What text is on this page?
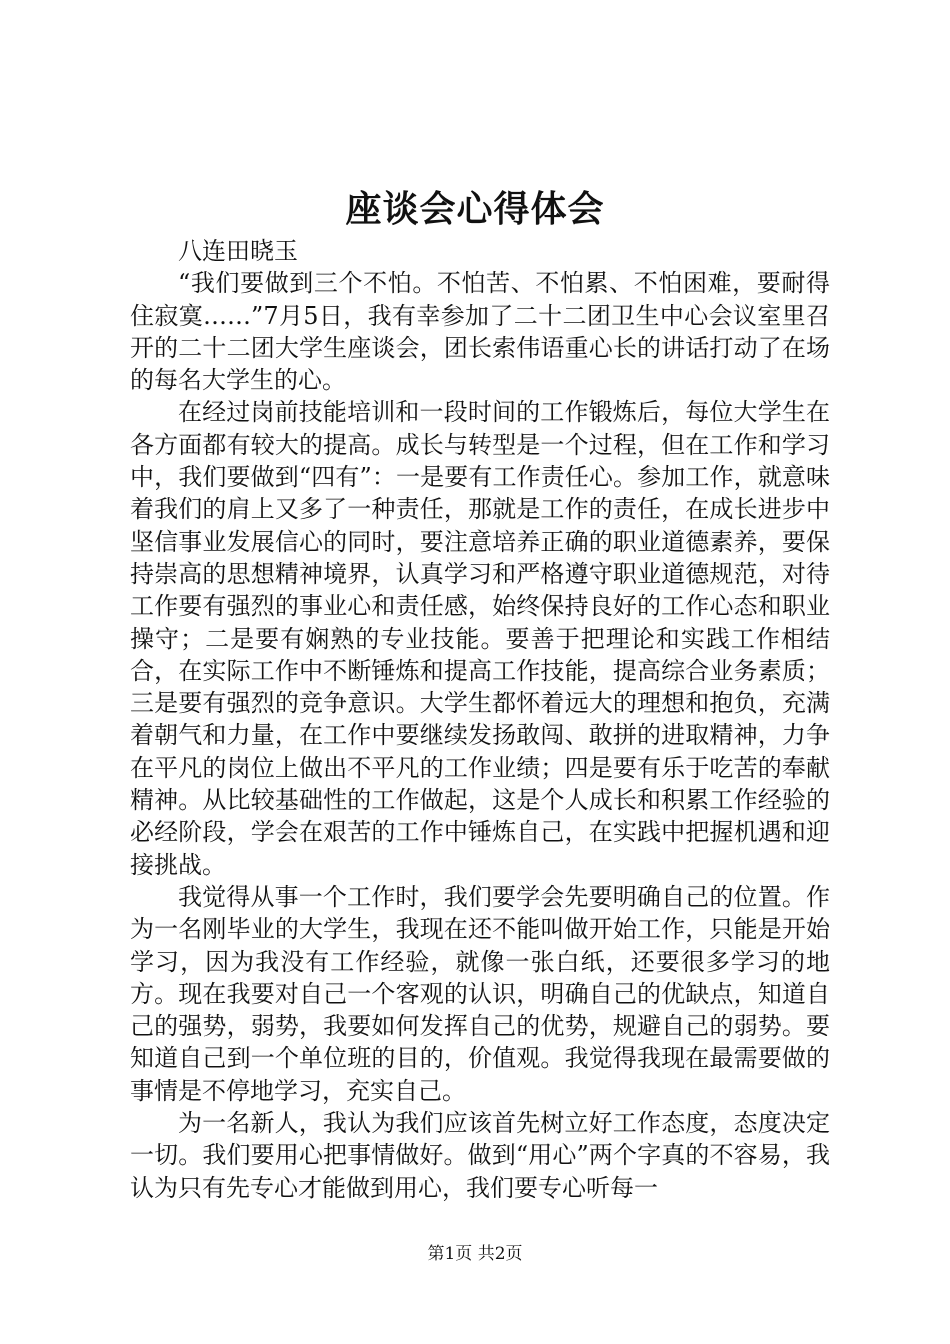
座谈会心得体会

八连田晓玉

“我们要做到三个不怕。不怕苦、不怕累、不怕困难，要耐得住寂寞……”7月5日，我有幸参加了二十二团卫生中心会议室里召开的二十二团大学生座谈会，团长索伟语重心长的讲话打动了在场的每名大学生的心。

在经过岗前技能培训和一段时间的工作锻炼后，每位大学生在各方面都有较大的提高。成长与转型是一个过程，但在工作和学习中，我们要做到“四有”：一是要有工作责任心。参加工作，就意味着我们的肩上又多了一种责任，那就是工作的责任，在成长进步中坚信事业发展信心的同时，要注意培养正确的职业道德素养，要保持崇高的思想精神境界，认真学习和严格遵守职业道德规范，对待工作要有强烈的事业心和责任感，始终保持良好的工作心态和职业操守；二是要有娴熟的专业技能。要善于把理论和实践工作相结合，在实际工作中不断锤炼和提高工作技能，提高综合业务素质；三是要有强烈的竞争意识。大学生都怀着远大的理想和抱负，充满着朝气和力量，在工作中要继续发扬敢闯、敢拼的进取精神，力争在平凡的岗位上做出不平凡的工作业绩；四是要有乐于吃苦的奉献精神。从比较基础性的工作做起，这是个人成长和积累工作经验的必经阶段，学会在艰苦的工作中锤炼自己，在实践中把握机遇和迎接挑战。

我觉得从事一个工作时，我们要学会先要明确自己的位置。作为一名刚毕业的大学生，我现在还不能叫做开始工作，只能是开始学习，因为我没有工作经验，就像一张白纸，还要很多学习的地方。现在我要对自己一个客观的认识，明确自己的优缺点，知道自己的强势，弱势，我要如何发挥自己的优势，规避自己的弱势。要知道自己到一个单位班的目的，价值观。我觉得我现在最需要做的事情是不停地学习，充实自己。

为一名新人，我认为我们应该首先树立好工作态度，态度决定一切。我们要用心把事情做好。做到“用心”两个字真的不容易，我认为只有先专心才能做到用心，我们要专心听每一

第1页 共2页
